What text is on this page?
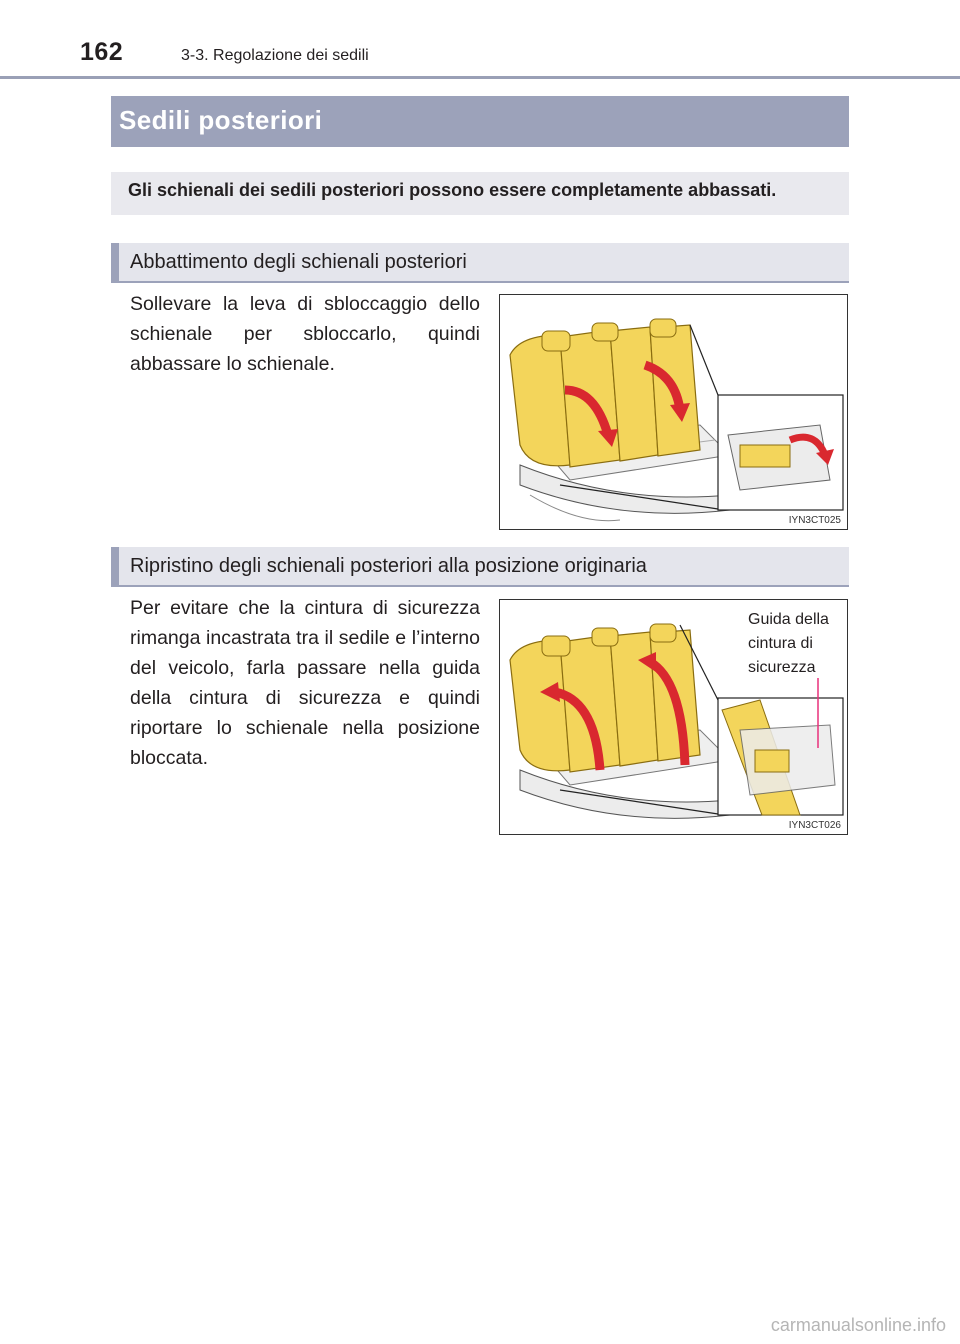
162	3-3. Regolazione dei sedili
Sedili posteriori
Gli schienali dei sedili posteriori possono essere completamente abbassati.
Abbattimento degli schienali posteriori
Sollevare la leva di sbloccaggio dello schienale per sbloccarlo, quindi abbassare lo schienale.
IYN3CT025
Ripristino degli schienali posteriori alla posizione originaria
Per evitare che la cintura di sicurezza rimanga incastrata tra il sedile e l’interno del veicolo, farla passare nella guida della cintura di sicurezza e quindi riportare lo schienale nella posizione bloccata.
Guida della
cintura di
sicurezza
IYN3CT026
carmanualsonline.info
